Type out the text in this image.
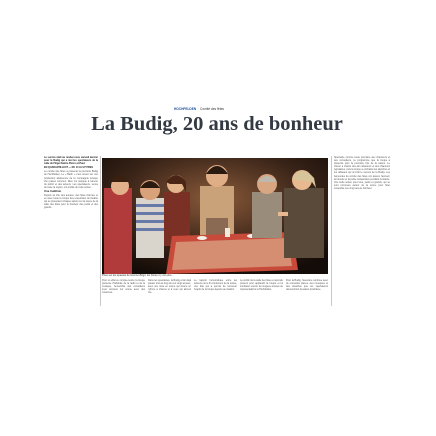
HOCHFELDEN Comité des fêtes
La Budig, 20 ans de bonheur

Le succès était au rendez-vous samedi dernier pour la Budig qui a ravi les spectateurs de la salle de l'Eigel Saints-Pierre-et-Paul.

EN QUARANTE-HUIT — DU 10 AU 27 PRES

Le comité des fêtes a présenté la première Budig de Hochfelden. Le « Barth » s'est ouvert sur une production alsacienne de la compagnie lorsque d'un passé commun. Rien n'a manqué à l'amour du public et des acteurs. Les spectateurs, venus de toute la région, ont profité de cette soirée.

Une tradition

Depuis sa 16e des années, des fêtes d'année et en avec toute la troupe des ensembles de théâtre qui se présentent chaque saison sur la scène de la salle des fêtes pour le bonheur des petits et des grands.

Prise sur les épaules de Hémon-Birgit, les frères n'y ont plus...
Spectacle comme toute première aux chanteurs et aux comédiens, ce programme que la troupe a présenté pour la première fois de la saison. Le chœur a chanté des airs alsaciens et des chansons populaires, puis la troupe a enchaîné les sketches et les tableaux qui ont fait le succès de la Budig. Les bénévoles du comité des fêtes ont assuré l'accueil, la buvette et la petite restauration pendant l'entracte. Une belle soirée pour tous, petits et grands, qui se sont retrouvés autour de la scène pour fêter ensemble ces vingt ans de bonheur.
Pour un effet ce compte-rendu, la troupe présente l'habitude de la radio et de la musique, l'ensemble des comédiens s'est retrouvé sur scène avec des costumes.
Dans les spectacles, la Budig a fait déjà passer tout au long de ces vingt années, avec une mise en scène qui donne un rythme à chacun et à ceux qui aiment rire.
Le rapport humoristique entre les acteurs est le fil conducteur de la soirée, une fête qui a permis de retrouver l'esprit de la troupe depuis sa création.
Le public de la salle des fêtes a répondu présent pour applaudir la troupe et lui souhaiter encore de longues années de représentations à Hochfelden.
Pour la Budig, l'aventure continue avec de nouvelles pièces, des musiques et des sketches que les spectateurs découvriront la saison prochaine.
